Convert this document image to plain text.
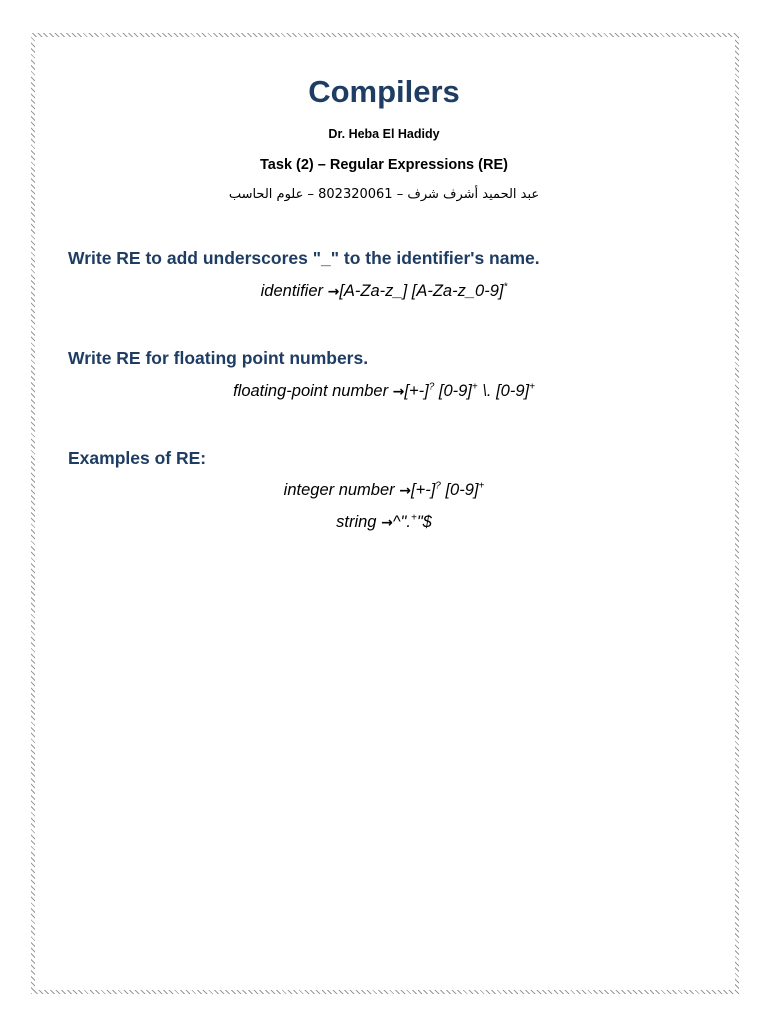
Compilers
Dr. Heba El Hadidy
Task (2) – Regular Expressions (RE)
عبد الحميد أشرف شرف – 802320061 – علوم الحاسب
Write RE to add underscores "_" to the identifier's name.
identifier →[A-Za-z_] [A-Za-z_0-9]*
Write RE for floating point numbers.
floating-point number →[+-]? [0-9]+ \. [0-9]+
Examples of RE:
integer number →[+-]? [0-9]+
string →^".+"$
